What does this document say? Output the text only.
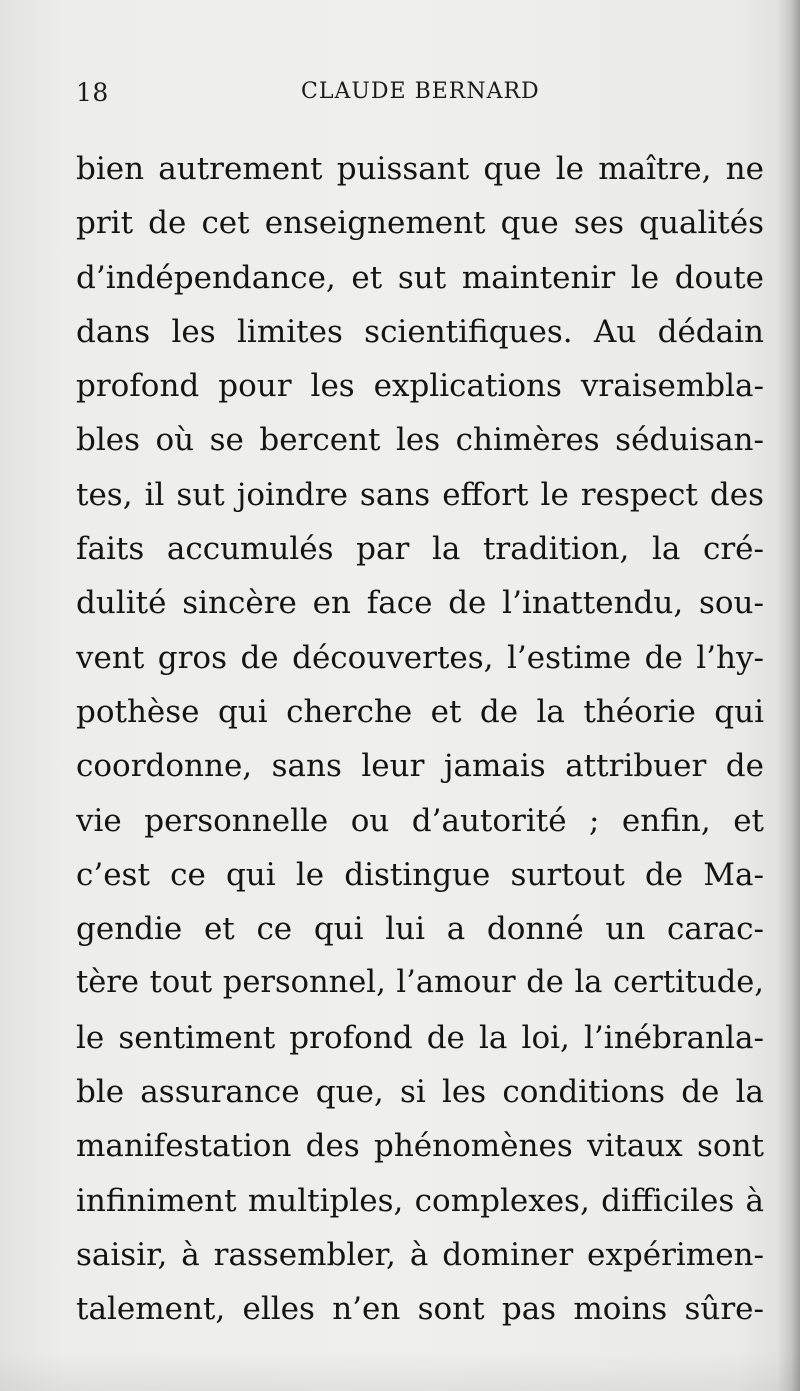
18	CLAUDE BERNARD
bien autrement puissant que le maître, ne
prit de cet enseignement que ses qualités
d’indépendance, et sut maintenir le doute
dans les limites scientifiques. Au dédain
profond pour les explications vraisembla-
bles où se bercent les chimères séduisan-
tes, il sut joindre sans effort le respect des
faits accumulés par la tradition, la cré-
dulité sincère en face de l’inattendu, sou-
vent gros de découvertes, l’estime de l’hy-
pothèse qui cherche et de la théorie qui
coordonne, sans leur jamais attribuer de
vie personnelle ou d’autorité ; enfin, et
c’est ce qui le distingue surtout de Ma-
gendie et ce qui lui a donné un carac-
tère tout personnel, l’amour de la certitude,
le sentiment profond de la loi, l’inébranla-
ble assurance que, si les conditions de la
manifestation des phénomènes vitaux sont
infiniment multiples, complexes, difficiles à
saisir, à rassembler, à dominer expérimen-
talement, elles n’en sont pas moins sûre-
